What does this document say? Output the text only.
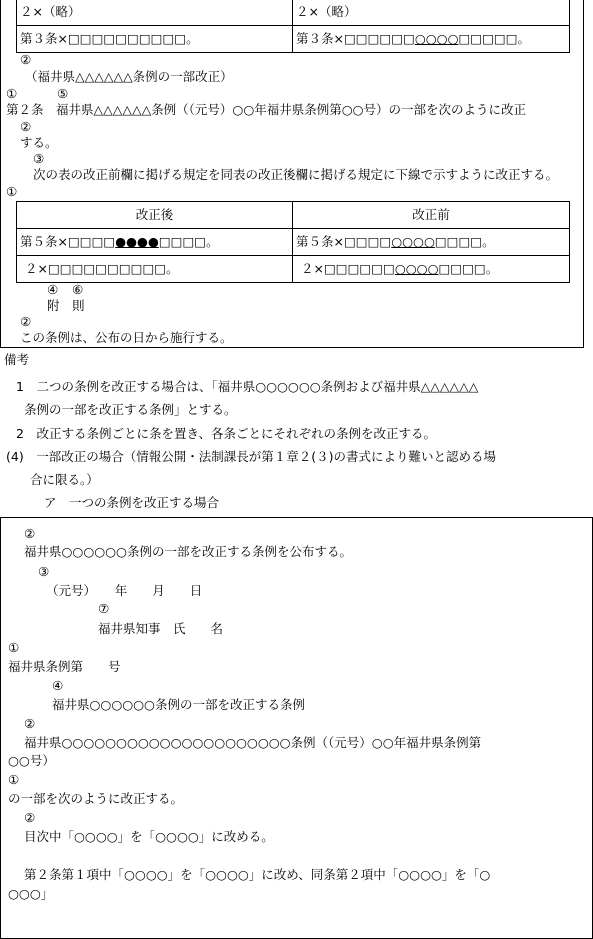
２×（略）	２×（略）
第３条×□□□□□□□□□□。	第３条×□□□□□□○○○○□□□□□。
②
（福井県△△△△△△条例の一部改正）
①	⑤
第２条　福井県△△△△△△条例（（元号）○○年福井県条例第○○号）の一部を次のように改正
②
する。
③
次の表の改正前欄に掲げる規定を同表の改正後欄に掲げる規定に下線で示すように改正する。
①
改正後	改正前
第５条×□□□□●●●●□□□□。	第５条×□□□□○○○○□□□□。
２×□□□□□□□□□□。	２×□□□□□□○○○○□□□□。
④ ⑥
附　則
②
この条例は、公布の日から施行する。
備考
1　二つの条例を改正する場合は、「福井県○○○○○○条例および福井県△△△△△△
条例の一部を改正する条例」とする。
2　改正する条例ごとに条を置き、各条ごとにそれぞれの条例を改正する。
(4)　一部改正の場合（情報公開・法制課長が第１章２(３)の書式により難いと認める場
合に限る。）
ア　一つの条例を改正する場合
②
福井県○○○○○○条例の一部を改正する条例を公布する。
③
（元号）　　年　　月　　日
⑦
福井県知事　氏　　名
①
福井県条例第　　号
④
福井県○○○○○○条例の一部を改正する条例
②
福井県○○○○○○○○○○○○○○○○○○○○○条例（（元号）○○年福井県条例第
○○号）
①
の一部を次のように改正する。
②
目次中「○○○○」を「○○○○」に改める。
第２条第１項中「○○○○」を「○○○○」に改め、同条第２項中「○○○○」を「○
○○○」
